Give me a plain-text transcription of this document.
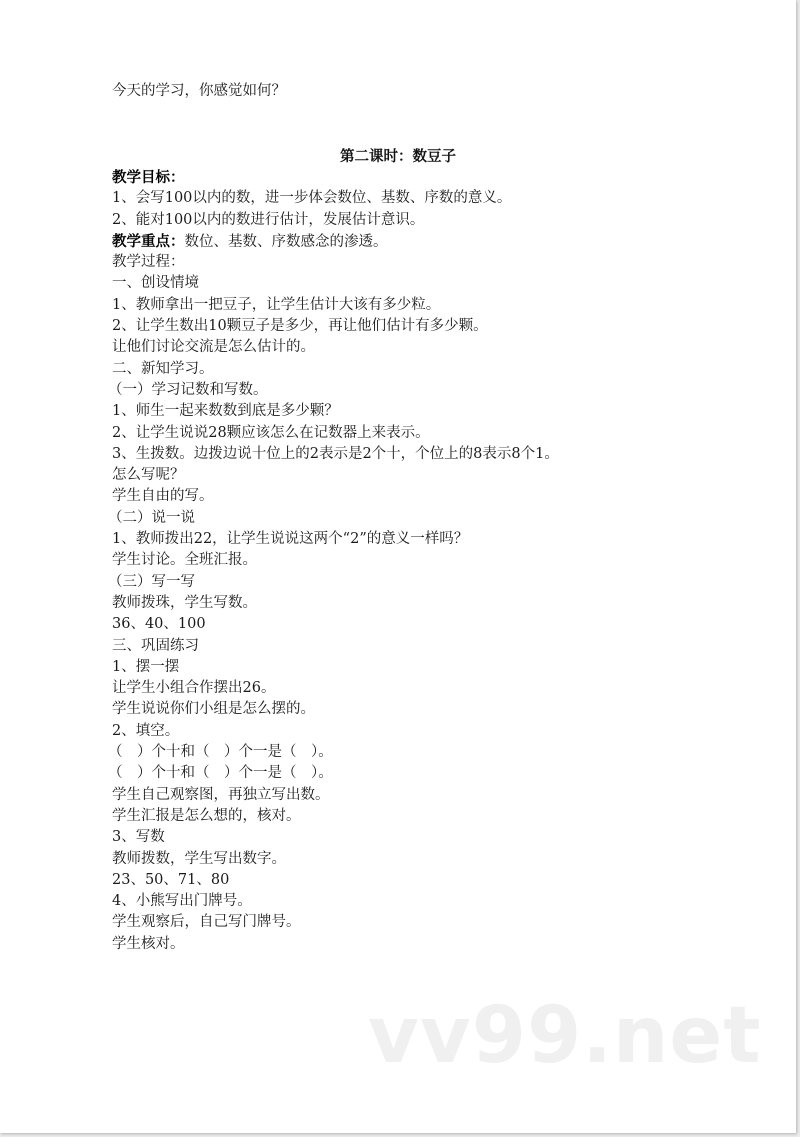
今天的学习，你感觉如何？
第二课时：数豆子
教学目标：
1、会写100以内的数，进一步体会数位、基数、序数的意义。
2、能对100以内的数进行估计，发展估计意识。
教学重点：数位、基数、序数感念的渗透。
教学过程：
一、创设情境
1、教师拿出一把豆子，让学生估计大该有多少粒。
2、让学生数出10颗豆子是多少，再让他们估计有多少颗。
让他们讨论交流是怎么估计的。
二、新知学习。
（一）学习记数和写数。
1、师生一起来数数到底是多少颗？
2、让学生说说28颗应该怎么在记数器上来表示。
3、生拨数。边拨边说十位上的2表示是2个十，个位上的8表示8个1。
怎么写呢？
学生自由的写。
（二）说一说
1、教师拨出22，让学生说说这两个“2”的意义一样吗？
学生讨论。全班汇报。
（三）写一写
教师拨珠，学生写数。
36、40、100
三、巩固练习
1、摆一摆
让学生小组合作摆出26。
学生说说你们小组是怎么摆的。
2、填空。
（　）个十和（　）个一是（　）。
（　）个十和（　）个一是（　）。
学生自己观察图，再独立写出数。
学生汇报是怎么想的，核对。
3、写数
教师拨数，学生写出数字。
23、50、71、80
4、小熊写出门牌号。
学生观察后，自己写门牌号。
学生核对。
vv99.net
